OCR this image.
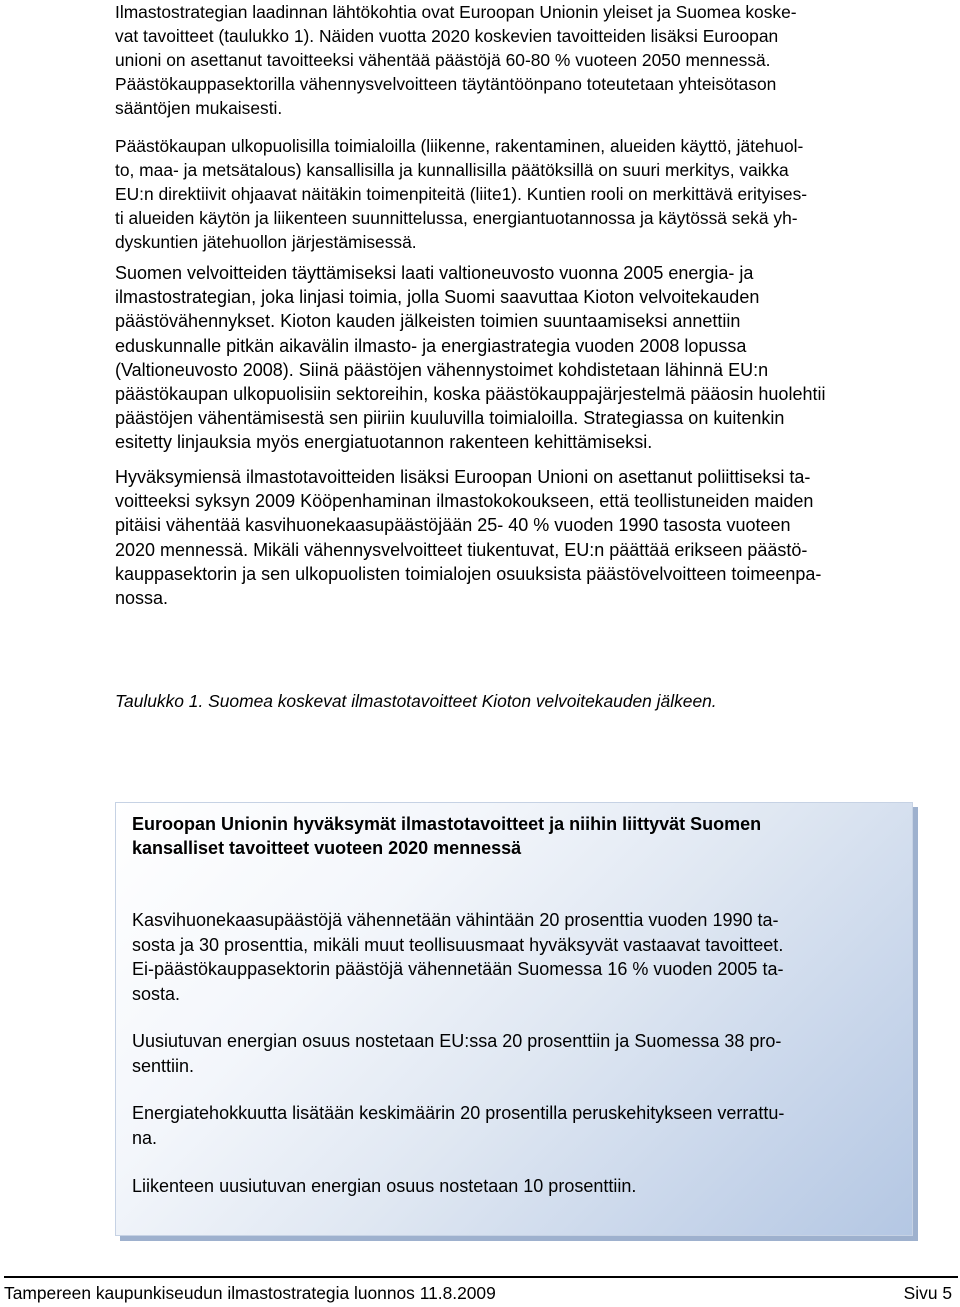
Ilmastostrategian laadinnan lähtökohtia ovat Euroopan Unionin yleiset ja Suomea koske-
vat tavoitteet (taulukko 1). Näiden vuotta 2020 koskevien tavoitteiden lisäksi Euroopan
unioni on asettanut tavoitteeksi vähentää päästöjä 60-80 % vuoteen 2050 mennessä.
Päästökauppasektorilla vähennysvelvoitteen täytäntöönpano toteutetaan yhteisötason
sääntöjen mukaisesti.

Päästökaupan ulkopuolisilla toimialoilla (liikenne, rakentaminen, alueiden käyttö, jätehuol-
to, maa- ja metsätalous) kansallisilla ja kunnallisilla päätöksillä on suuri merkitys, vaikka
EU:n direktiivit ohjaavat näitäkin toimenpiteitä (liite1). Kuntien rooli on merkittävä erityises-
ti alueiden käytön ja liikenteen suunnittelussa, energiantuotannossa ja käytössä sekä yh-
dyskuntien jätehuollon järjestämisessä.

Suomen velvoitteiden täyttämiseksi laati valtioneuvosto vuonna 2005 energia- ja
ilmastostrategian, joka linjasi toimia, jolla Suomi saavuttaa Kioton velvoitekauden
päästövähennykset. Kioton kauden jälkeisten toimien suuntaamiseksi annettiin
eduskunnalle pitkän aikavälin ilmasto- ja energiastrategia vuoden 2008 lopussa
(Valtioneuvosto 2008). Siinä päästöjen vähennystoimet kohdistetaan lähinnä EU:n
päästökaupan ulkopuolisiin sektoreihin, koska päästökauppajärjestelmä pääosin huolehtii
päästöjen vähentämisestä sen piiriin kuuluvilla toimialoilla. Strategiassa on kuitenkin
esitetty linjauksia myös energiatuotannon rakenteen kehittämiseksi.

Hyväksymiensä ilmastotavoitteiden lisäksi Euroopan Unioni on asettanut poliittiseksi ta-
voitteeksi syksyn 2009 Kööpenhaminan ilmastokokoukseen, että teollistuneiden maiden
pitäisi vähentää kasvihuonekaasupäästöjään 25- 40 % vuoden 1990 tasosta vuoteen
2020 mennessä. Mikäli vähennysvelvoitteet tiukentuvat, EU:n päättää erikseen päästö-
kauppasektorin ja sen ulkopuolisten toimialojen osuuksista päästövelvoitteen toimeenpa-
nossa.

Taulukko 1. Suomea koskevat ilmastotavoitteet Kioton velvoitekauden jälkeen.

Euroopan Unionin hyväksymät ilmastotavoitteet ja niihin liittyvät Suomen
kansalliset tavoitteet vuoteen 2020 mennessä

Kasvihuonekaasupäästöjä vähennetään vähintään 20 prosenttia vuoden 1990 ta-
sosta ja 30 prosenttia, mikäli muut teollisuusmaat hyväksyvät vastaavat tavoitteet.
Ei-päästökauppasektorin päästöjä vähennetään Suomessa 16 % vuoden 2005 ta-
sosta.

Uusiutuvan energian osuus nostetaan EU:ssa 20 prosenttiin ja Suomessa 38 pro-
senttiin.

Energiatehokkuutta lisätään keskimäärin 20 prosentilla peruskehitykseen verrattu-
na.

Liikenteen uusiutuvan energian osuus nostetaan 10 prosenttiin.

Tampereen kaupunkiseudun ilmastostrategia luonnos 11.8.2009	Sivu 5
